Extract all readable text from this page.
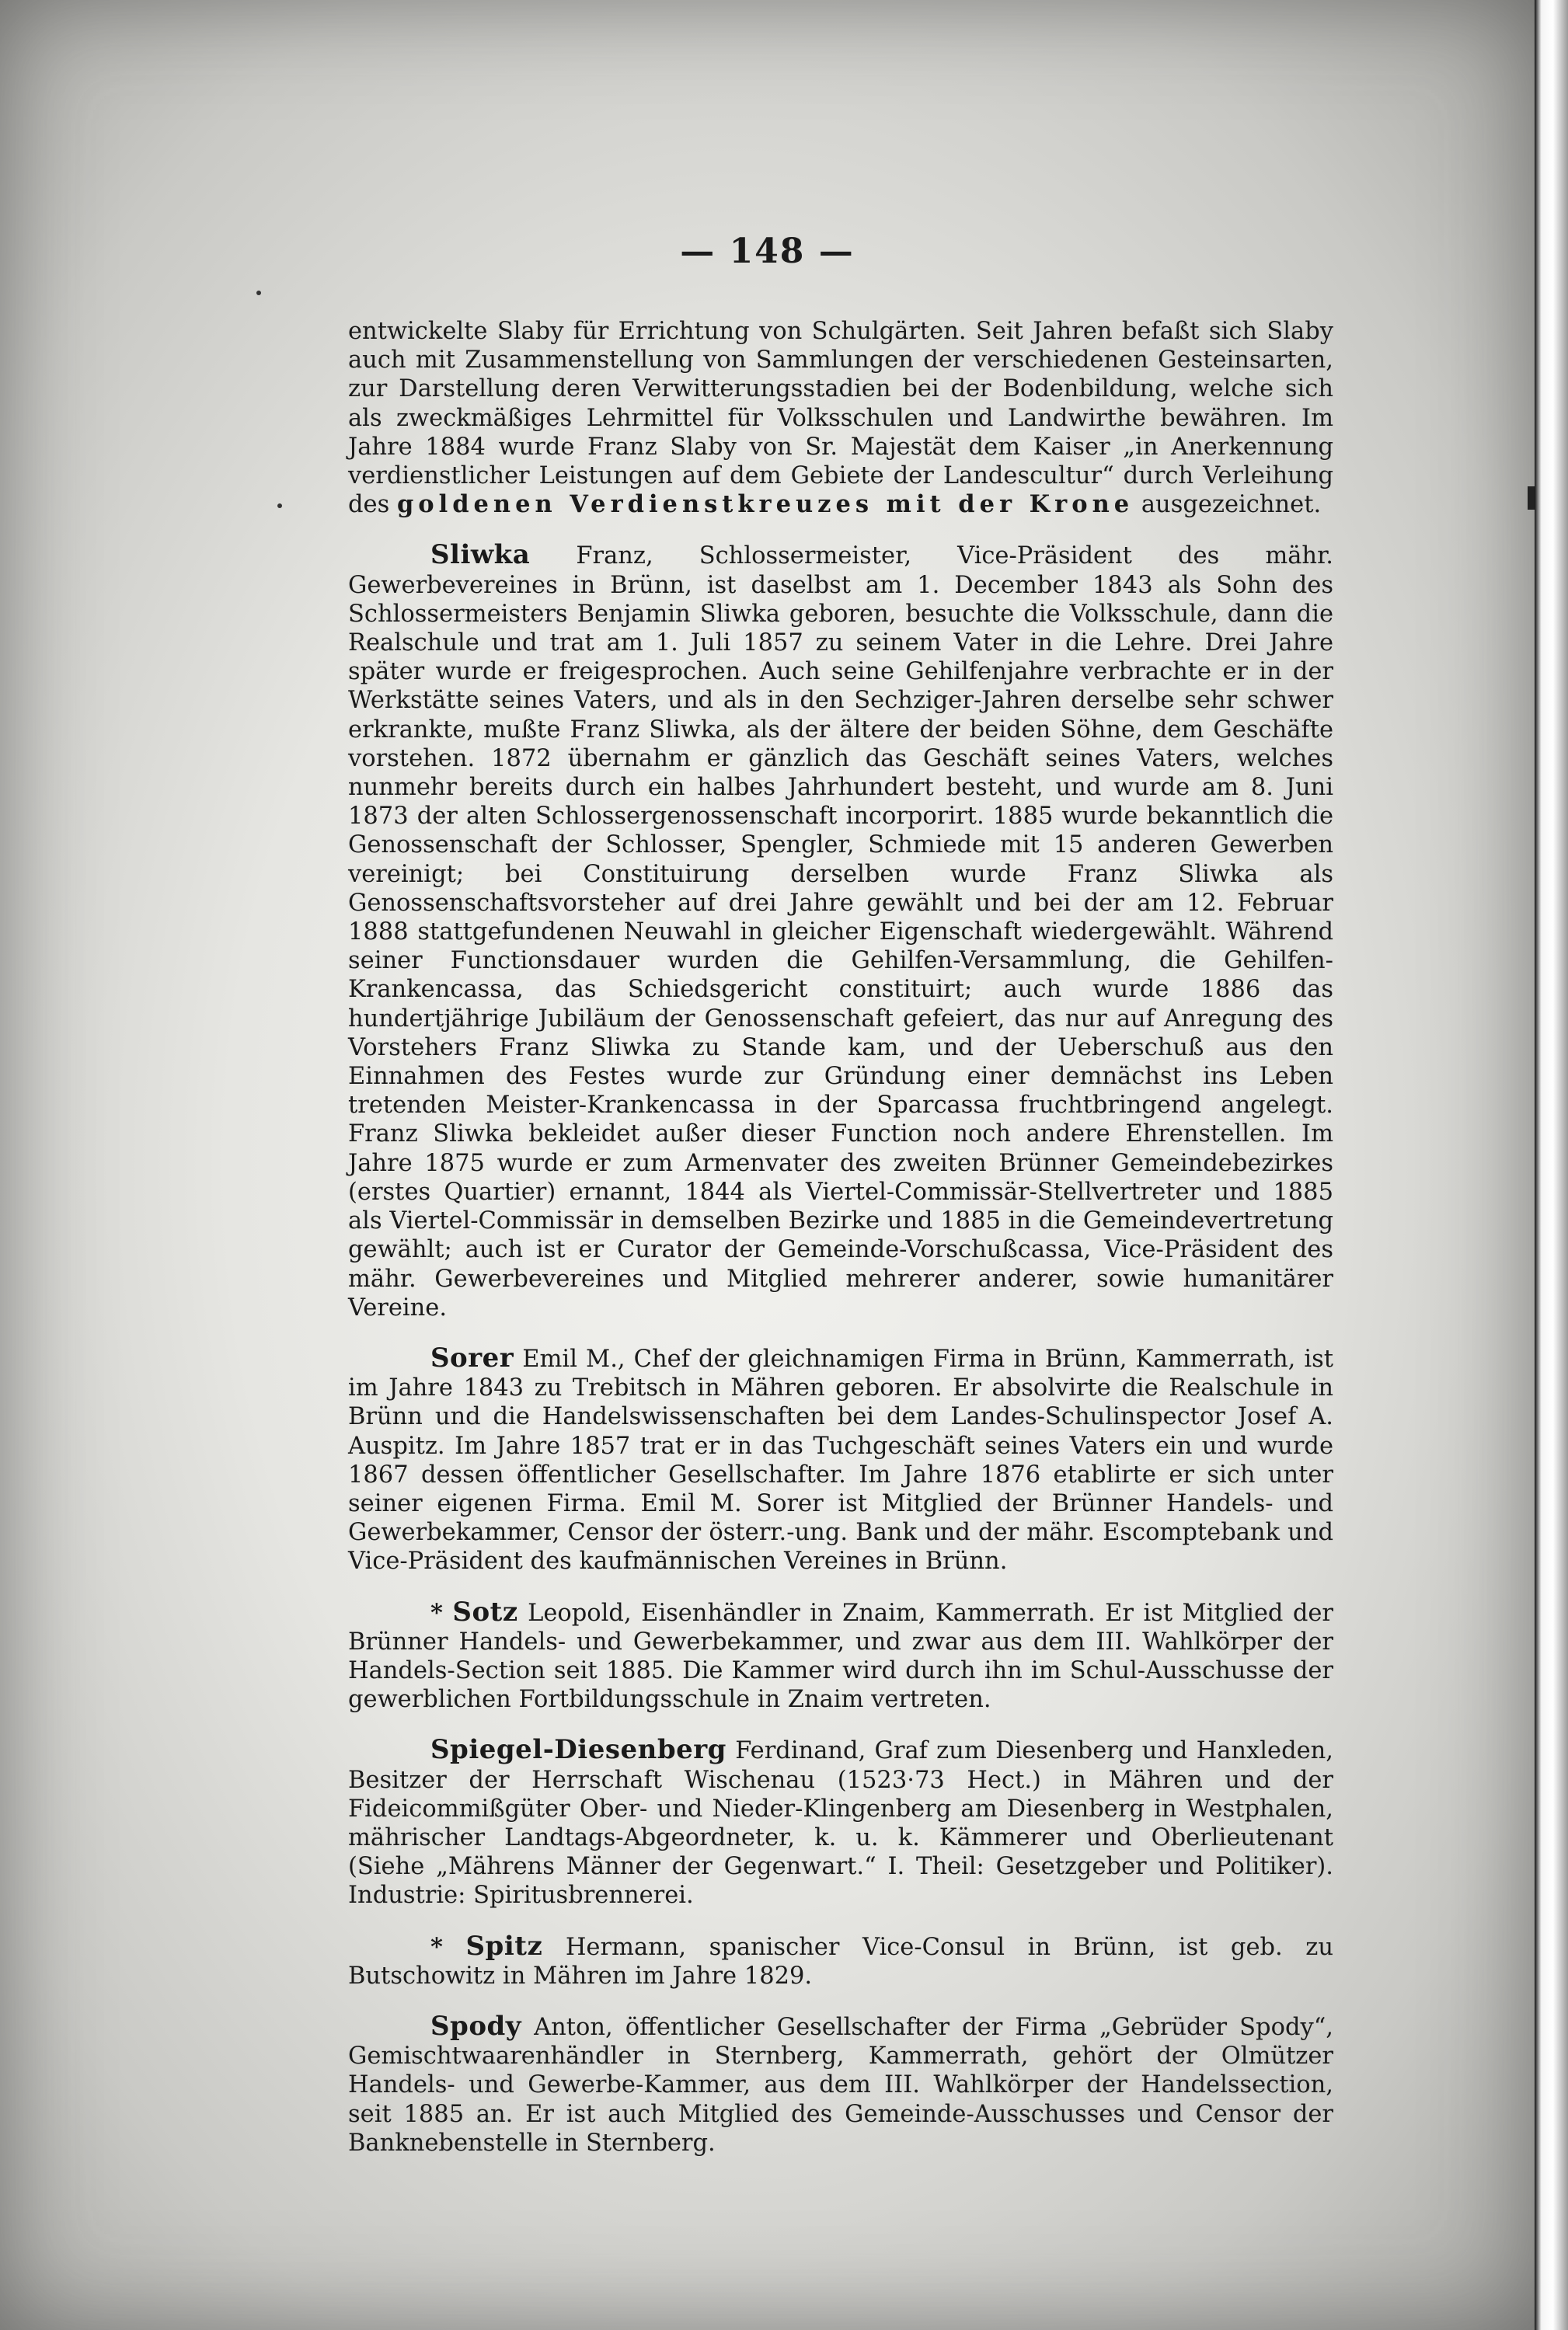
— 148 —

entwickelte Slaby für Errichtung von Schulgärten. Seit Jahren befaßt sich Slaby auch mit Zusammenstellung von Sammlungen der verschiedenen Gesteinsarten, zur Darstellung deren Verwitterungsstadien bei der Bodenbildung, welche sich als zweckmäßiges Lehrmittel für Volksschulen und Landwirthe bewähren. Im Jahre 1884 wurde Franz Slaby von Sr. Majestät dem Kaiser „in Anerkennung verdienstlicher Leistungen auf dem Gebiete der Landescultur“ durch Verleihung des goldenen Verdienstkreuzes mit der Krone ausgezeichnet.

Sliwka Franz, Schlossermeister, Vice-Präsident des mähr. Gewerbevereines in Brünn, ist daselbst am 1. December 1843 als Sohn des Schlossermeisters Benjamin Sliwka geboren, besuchte die Volksschule, dann die Realschule und trat am 1. Juli 1857 zu seinem Vater in die Lehre. Drei Jahre später wurde er freigesprochen. Auch seine Gehilfenjahre verbrachte er in der Werkstätte seines Vaters, und als in den Sechziger-Jahren derselbe sehr schwer erkrankte, mußte Franz Sliwka, als der ältere der beiden Söhne, dem Geschäfte vorstehen. 1872 übernahm er gänzlich das Geschäft seines Vaters, welches nunmehr bereits durch ein halbes Jahrhundert besteht, und wurde am 8. Juni 1873 der alten Schlossergenossenschaft incorporirt. 1885 wurde bekanntlich die Genossenschaft der Schlosser, Spengler, Schmiede mit 15 anderen Gewerben vereinigt; bei Constituirung derselben wurde Franz Sliwka als Genossenschaftsvorsteher auf drei Jahre gewählt und bei der am 12. Februar 1888 stattgefundenen Neuwahl in gleicher Eigenschaft wiedergewählt. Während seiner Functionsdauer wurden die Gehilfen-Versammlung, die Gehilfen-Krankencassa, das Schiedsgericht constituirt; auch wurde 1886 das hundertjährige Jubiläum der Genossenschaft gefeiert, das nur auf Anregung des Vorstehers Franz Sliwka zu Stande kam, und der Ueberschuß aus den Einnahmen des Festes wurde zur Gründung einer demnächst ins Leben tretenden Meister-Krankencassa in der Sparcassa fruchtbringend angelegt. Franz Sliwka bekleidet außer dieser Function noch andere Ehrenstellen. Im Jahre 1875 wurde er zum Armenvater des zweiten Brünner Gemeindebezirkes (erstes Quartier) ernannt, 1844 als Viertel-Commissär-Stellvertreter und 1885 als Viertel-Commissär in demselben Bezirke und 1885 in die Gemeindevertretung gewählt; auch ist er Curator der Gemeinde-Vorschußcassa, Vice-Präsident des mähr. Gewerbevereines und Mitglied mehrerer anderer, sowie humanitärer Vereine.

Sorer Emil M., Chef der gleichnamigen Firma in Brünn, Kammerrath, ist im Jahre 1843 zu Trebitsch in Mähren geboren. Er absolvirte die Realschule in Brünn und die Handelswissenschaften bei dem Landes-Schulinspector Josef A. Auspitz. Im Jahre 1857 trat er in das Tuchgeschäft seines Vaters ein und wurde 1867 dessen öffentlicher Gesellschafter. Im Jahre 1876 etablirte er sich unter seiner eigenen Firma. Emil M. Sorer ist Mitglied der Brünner Handels- und Gewerbekammer, Censor der österr.-ung. Bank und der mähr. Escomptebank und Vice-Präsident des kaufmännischen Vereines in Brünn.

* Sotz Leopold, Eisenhändler in Znaim, Kammerrath. Er ist Mitglied der Brünner Handels- und Gewerbekammer, und zwar aus dem III. Wahlkörper der Handels-Section seit 1885. Die Kammer wird durch ihn im Schul-Ausschusse der gewerblichen Fortbildungsschule in Znaim vertreten.

Spiegel-Diesenberg Ferdinand, Graf zum Diesenberg und Hanxleden, Besitzer der Herrschaft Wischenau (1523·73 Hect.) in Mähren und der Fideicommißgüter Ober- und Nieder-Klingenberg am Diesenberg in Westphalen, mährischer Landtags-Abgeordneter, k. u. k. Kämmerer und Oberlieutenant (Siehe „Mährens Männer der Gegenwart.“ I. Theil: Gesetzgeber und Politiker). Industrie: Spiritusbrennerei.

* Spitz Hermann, spanischer Vice-Consul in Brünn, ist geb. zu Butschowitz in Mähren im Jahre 1829.

Spody Anton, öffentlicher Gesellschafter der Firma „Gebrüder Spody“, Gemischtwaarenhändler in Sternberg, Kammerrath, gehört der Olmützer Handels- und Gewerbe-Kammer, aus dem III. Wahlkörper der Handelssection, seit 1885 an. Er ist auch Mitglied des Gemeinde-Ausschusses und Censor der Banknebenstelle in Sternberg.
